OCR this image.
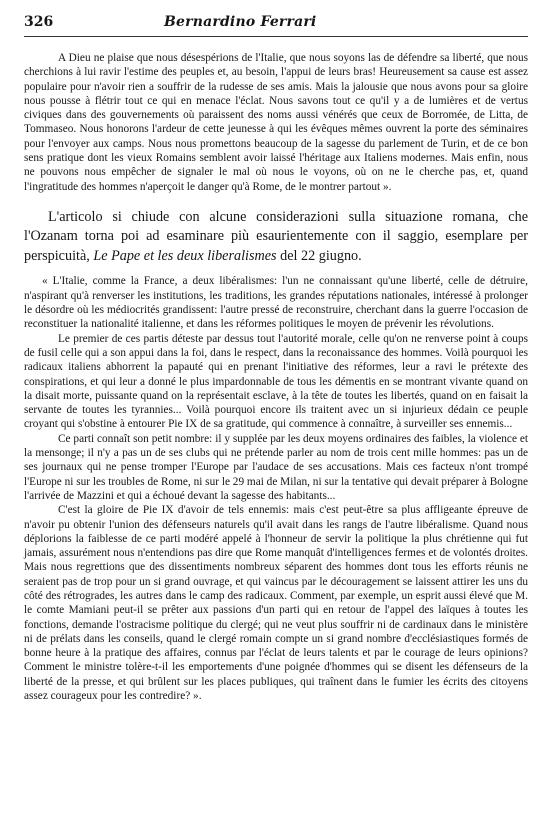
326	Bernardino Ferrari

A Dieu ne plaise que nous désespérions de l'Italie, que nous soyons las de défendre sa liberté, que nous cherchions à lui ravir l'estime des peuples et, au besoin, l'appui de leurs bras! Heureusement sa cause est assez populaire pour n'avoir rien a souffrir de la rudesse de ses amis. Mais la jalousie que nous avons pour sa gloire nous pousse à flétrir tout ce qui en menace l'éclat. Nous savons tout ce qu'il y a de lumières et de vertus civiques dans des gouvernements où paraissent des noms aussi vénérés que ceux de Borromée, de Litta, de Tommaseo. Nous honorons l'ardeur de cette jeunesse à qui les évêques mêmes ouvrent la porte des séminaires pour l'envoyer aux camps. Nous nous promettons beaucoup de la sagesse du parlement de Turin, et de ce bon sens pratique dont les vieux Romains semblent avoir laissé l'héritage aux Italiens modernes. Mais enfin, nous ne pouvons nous empêcher de signaler le mal où nous le voyons, où on ne le cherche pas, et, quand l'ingratitude des hommes n'aperçoit le danger qu'à Rome, de le montrer partout ».

L'articolo si chiude con alcune considerazioni sulla situazione romana, che l'Ozanam torna poi ad esaminare più esaurientemente con il saggio, esemplare per perspicuità, Le Pape et les deux liberalismes del 22 giugno.

« L'Italie, comme la France, a deux libéralismes: l'un ne connaissant qu'une liberté, celle de détruire, n'aspirant qu'à renverser les institutions, les traditions, les grandes réputations nationales, intéressé à prolonger le désordre où les médiocrités grandissent: l'autre pressé de reconstruire, cherchant dans la guerre l'occasion de reconstituer la nationalité italienne, et dans les réformes politiques le moyen de prévenir les révolutions.

Le premier de ces partis déteste par dessus tout l'autorité morale, celle qu'on ne renverse point à coups de fusil celle qui a son appui dans la foi, dans le respect, dans la reconaissance des hommes. Voilà pourquoi les radicaux italiens abhorrent la papauté qui en prenant l'initiative des réformes, leur a ravi le prétexte des conspirations, et qui leur a donné le plus impardonnable de tous les démentis en se montrant vivante quand on la disait morte, puissante quand on la représentait esclave, à la tête de toutes les libertés, quand on en faisait la servante de toutes les tyrannies... Voilà pourquoi encore ils traitent avec un si injurieux dédain ce peuple croyant qui s'obstine à entourer Pie IX de sa gratitude, qui commence à connaître, à surveiller ses ennemis...

Ce parti connaît son petit nombre: il y supplée par les deux moyens ordinaires des faibles, la violence et la mensonge; il n'y a pas un de ses clubs qui ne prétende parler au nom de trois cent mille hommes: pas un de ses journaux qui ne pense tromper l'Europe par l'audace de ses accusations. Mais ces facteux n'ont trompé l'Europe ni sur les troubles de Rome, ni sur le 29 mai de Milan, ni sur la tentative qui devait préparer à Bologne l'arrivée de Mazzini et qui a échoué devant la sagesse des habitants...

C'est la gloire de Pie IX d'avoir de tels ennemis: mais c'est peut-être sa plus affligeante épreuve de n'avoir pu obtenir l'union des défenseurs naturels qu'il avait dans les rangs de l'autre libéralisme. Quand nous déplorions la faiblesse de ce parti modéré appelé à l'honneur de servir la politique la plus chrétienne qui fut jamais, assurément nous n'entendions pas dire que Rome manquât d'intelligences fermes et de volontés droites. Mais nous regrettions que des dissentiments nombreux séparent des hommes dont tous les efforts réunis ne seraient pas de trop pour un si grand ouvrage, et qui vaincus par le découragement se laissent attirer les uns du côté des rétrogrades, les autres dans le camp des radicaux. Comment, par exemple, un esprit aussi élevé que M. le comte Mamiani peut-il se prêter aux passions d'un parti qui en retour de l'appel des laïques à toutes les fonctions, demande l'ostracisme politique du clergé; qui ne veut plus souffrir ni de cardinaux dans le ministère ni de prélats dans les conseils, quand le clergé romain compte un si grand nombre d'ecclésiastiques formés de bonne heure à la pratique des affaires, connus par l'éclat de leurs talents et par le courage de leurs opinions? Comment le ministre tolère-t-il les emportements d'une poignée d'hommes qui se disent les défenseurs de la liberté de la presse, et qui brûlent sur les places publiques, qui traînent dans le fumier les écrits des citoyens assez courageux pour les contredire? ».
